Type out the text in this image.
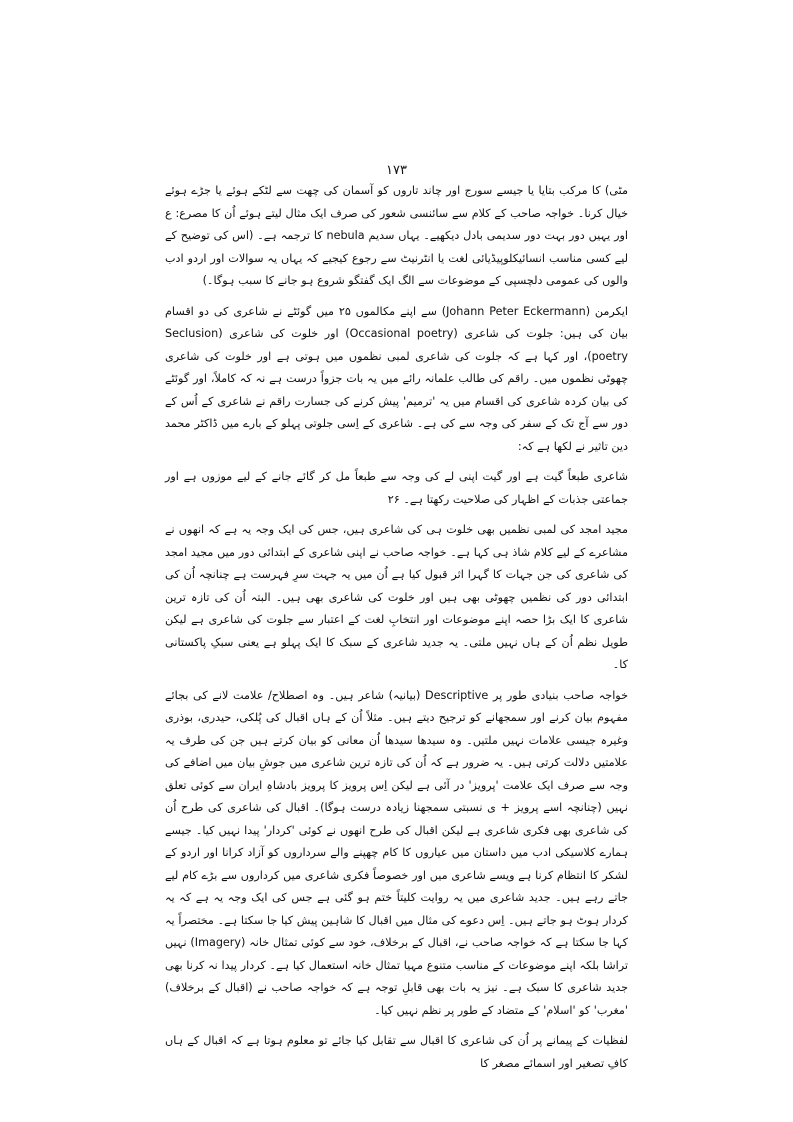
۱۷۳

مٹی) کا مرکب بتایا یا جیسے سورج اور چاند تاروں کو آسمان کی چھت سے لٹکے ہوئے یا جڑے ہوئے خیال کرنا۔ خواجہ صاحب کے کلام سے سائنسی شعور کی صرف ایک مثال لیتے ہوئے اُن کا مصرع: ع اور یہیں دور بہت دور سدیمی بادل دیکھیے۔ یہاں سدیم nebula کا ترجمہ ہے۔ (اس کی توضیح کے لیے کسی مناسب انسائیکلوپیڈیائی لغت یا انٹرنیٹ سے رجوع کیجیے کہ یہاں یہ سوالات اور اردو ادب والوں کی عمومی دلچسپی کے موضوعات سے الگ ایک گفتگو شروع ہو جانے کا سبب ہوگا۔)

ایکرمن (Johann Peter Eckermann) سے اپنے مکالموں ۲۵ میں گوئٹے نے شاعری کی دو اقسام بیان کی ہیں: جلوت کی شاعری (Occasional poetry) اور خلوت کی شاعری (Seclusion poetry)، اور کہا ہے کہ جلوت کی شاعری لمبی نظموں میں ہوتی ہے اور خلوت کی شاعری چھوٹی نظموں میں۔ راقم کی طالب علمانہ رائے میں یہ بات جزواً درست ہے نہ کہ کاملاً، اور گوئٹے کی بیان کردہ شاعری کی اقسام میں یہ 'ترمیم' پیش کرنے کی جسارت راقم نے شاعری کے اُس کے دور سے آج تک کے سفر کی وجہ سے کی ہے۔ شاعری کے اِسی جلوتی پہلو کے بارے میں ڈاکٹر محمد دین تاثیر نے لکھا ہے کہ:

شاعری طبعاً گیت ہے اور گیت اپنی لے کی وجہ سے طبعاً مل کر گائے جانے کے لیے موزوں ہے اور جماعتی جذبات کے اظہار کی صلاحیت رکھتا ہے۔ ۲۶

مجید امجد کی لمبی نظمیں بھی خلوت ہی کی شاعری ہیں، جس کی ایک وجہ یہ ہے کہ انھوں نے مشاعرے کے لیے کلام شاذ ہی کہا ہے۔ خواجہ صاحب نے اپنی شاعری کے ابتدائی دور میں مجید امجد کی شاعری کی جن جہات کا گہرا اثر قبول کیا ہے اُن میں یہ جہت سرِ فہرست ہے چنانچہ اُن کی ابتدائی دور کی نظمیں چھوٹی بھی ہیں اور خلوت کی شاعری بھی ہیں۔ البتہ اُن کی تازہ ترین شاعری کا ایک بڑا حصہ اپنے موضوعات اور انتخابِ لغت کے اعتبار سے جلوت کی شاعری ہے لیکن طویل نظم اُن کے ہاں نہیں ملتی۔ یہ جدید شاعری کے سبک کا ایک پہلو ہے یعنی سبکِ پاکستانی کا۔

خواجہ صاحب بنیادی طور پر Descriptive (بیانیہ) شاعر ہیں۔ وہ اصطلاح/ علامت لانے کی بجائے مفہوم بیان کرنے اور سمجھانے کو ترجیح دیتے ہیں۔ مثلاً اُن کے ہاں اقبال کی پُلکی، حیدری، بوذری وغیرہ جیسی علامات نہیں ملتیں۔ وہ سیدھا سیدھا اُن معانی کو بیان کرتے ہیں جن کی طرف یہ علامتیں دلالت کرتی ہیں۔ یہ ضرور ہے کہ اُن کی تازہ ترین شاعری میں جوشِ بیان میں اضافے کی وجہ سے صرف ایک علامت 'پرویز' در آئی ہے لیکن اِس پرویز کا پرویز بادشاہِ ایران سے کوئی تعلق نہیں (چنانچہ اسے پرویز + ی نسبتی سمجھنا زیادہ درست ہوگا)۔ اقبال کی شاعری کی طرح اُن کی شاعری بھی فکری شاعری ہے لیکن اقبال کی طرح انھوں نے کوئی 'کردار' پیدا نہیں کیا۔ جیسے ہمارے کلاسیکی ادب میں داستان میں عیاروں کا کام چھپنے والے سرداروں کو آزاد کرانا اور اردو کے لشکر کا انتظام کرنا ہے ویسے شاعری میں اور خصوصاً فکری شاعری میں کرداروں سے بڑے کام لیے جاتے رہے ہیں۔ جدید شاعری میں یہ روایت کلیتاً ختم ہو گئی ہے جس کی ایک وجہ یہ ہے کہ یہ کردار ہوٹ ہو جاتے ہیں۔ اِس دعوے کی مثال میں اقبال کا شاہین پیش کیا جا سکتا ہے۔ مختصراً یہ کہا جا سکتا ہے کہ خواجہ صاحب نے، اقبال کے برخلاف، خود سے کوئی تمثال خانہ (Imagery) نہیں تراشا بلکہ اپنے موضوعات کے مناسب متنوع مہیا تمثال خانہ استعمال کیا ہے۔ کردار پیدا نہ کرنا بھی جدید شاعری کا سبک ہے۔ نیز یہ بات بھی قابلِ توجہ ہے کہ خواجہ صاحب نے (اقبال کے برخلاف) 'مغرب' کو 'اسلام' کے متضاد کے طور پر نظم نہیں کیا۔

لفظیات کے پیمانے پر اُن کی شاعری کا اقبال سے تقابل کیا جائے تو معلوم ہوتا ہے کہ اقبال کے ہاں کافِ تصغیر اور اسمائے مصغر کا
